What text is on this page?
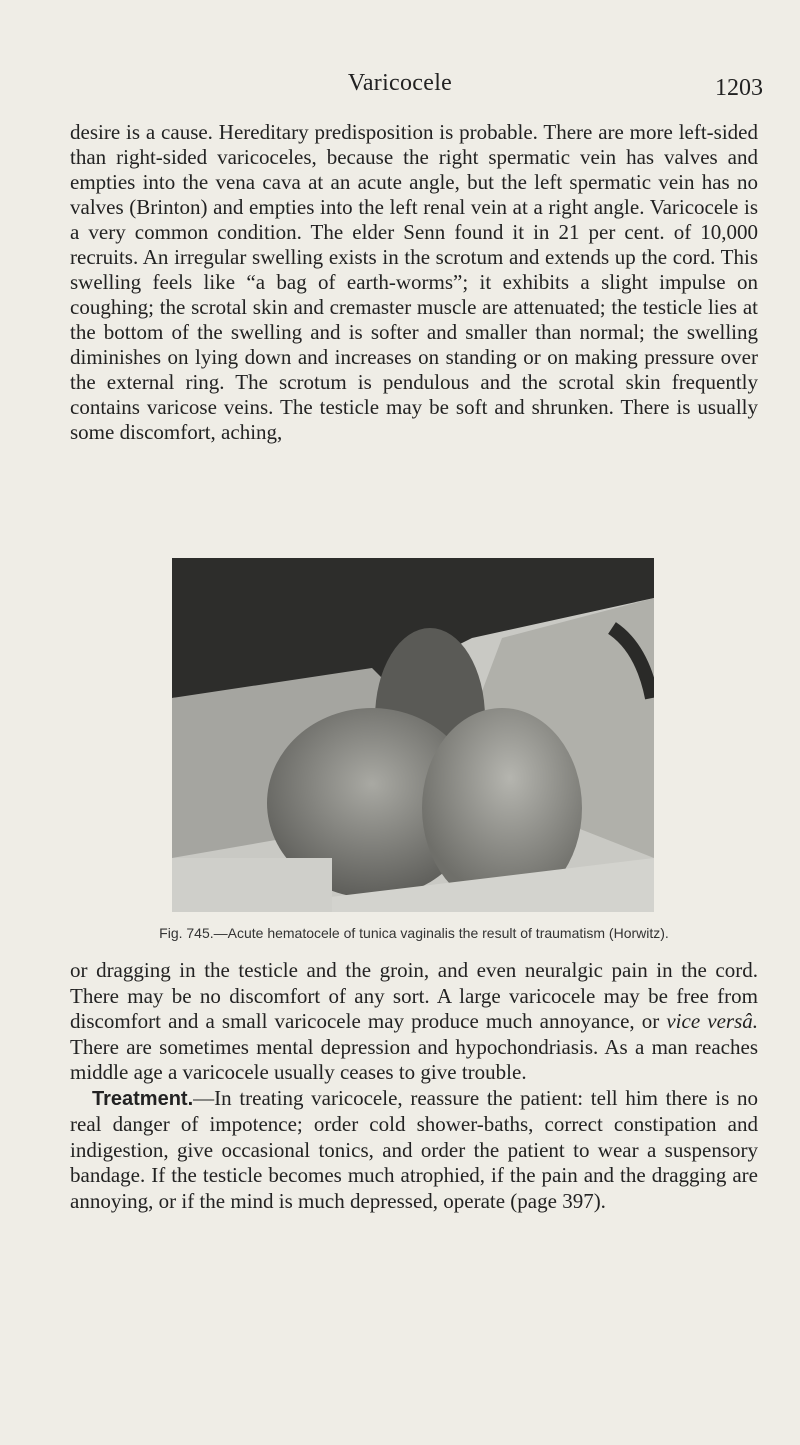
Varicocele	1203

desire is a cause. Hereditary predisposition is probable. There are more left-sided than right-sided varicoceles, because the right spermatic vein has valves and empties into the vena cava at an acute angle, but the left spermatic vein has no valves (Brinton) and empties into the left renal vein at a right angle. Varicocele is a very common condition. The elder Senn found it in 21 per cent. of 10,000 recruits. An irregular swelling exists in the scrotum and extends up the cord. This swelling feels like “a bag of earth-worms”; it exhibits a slight impulse on coughing; the scrotal skin and cremaster muscle are attenuated; the testicle lies at the bottom of the swelling and is softer and smaller than normal; the swelling diminishes on lying down and increases on standing or on making pressure over the external ring. The scrotum is pendulous and the scrotal skin frequently contains varicose veins. The testicle may be soft and shrunken. There is usually some discomfort, aching,

Fig. 745.—Acute hematocele of tunica vaginalis the result of traumatism (Horwitz).

or dragging in the testicle and the groin, and even neuralgic pain in the cord. There may be no discomfort of any sort. A large varicocele may be free from discomfort and a small varicocele may produce much annoyance, or vice versâ. There are sometimes mental depression and hypochondriasis. As a man reaches middle age a varicocele usually ceases to give trouble.

Treatment.—In treating varicocele, reassure the patient: tell him there is no real danger of impotence; order cold shower-baths, correct constipation and indigestion, give occasional tonics, and order the patient to wear a suspensory bandage. If the testicle becomes much atrophied, if the pain and the dragging are annoying, or if the mind is much depressed, operate (page 397).
